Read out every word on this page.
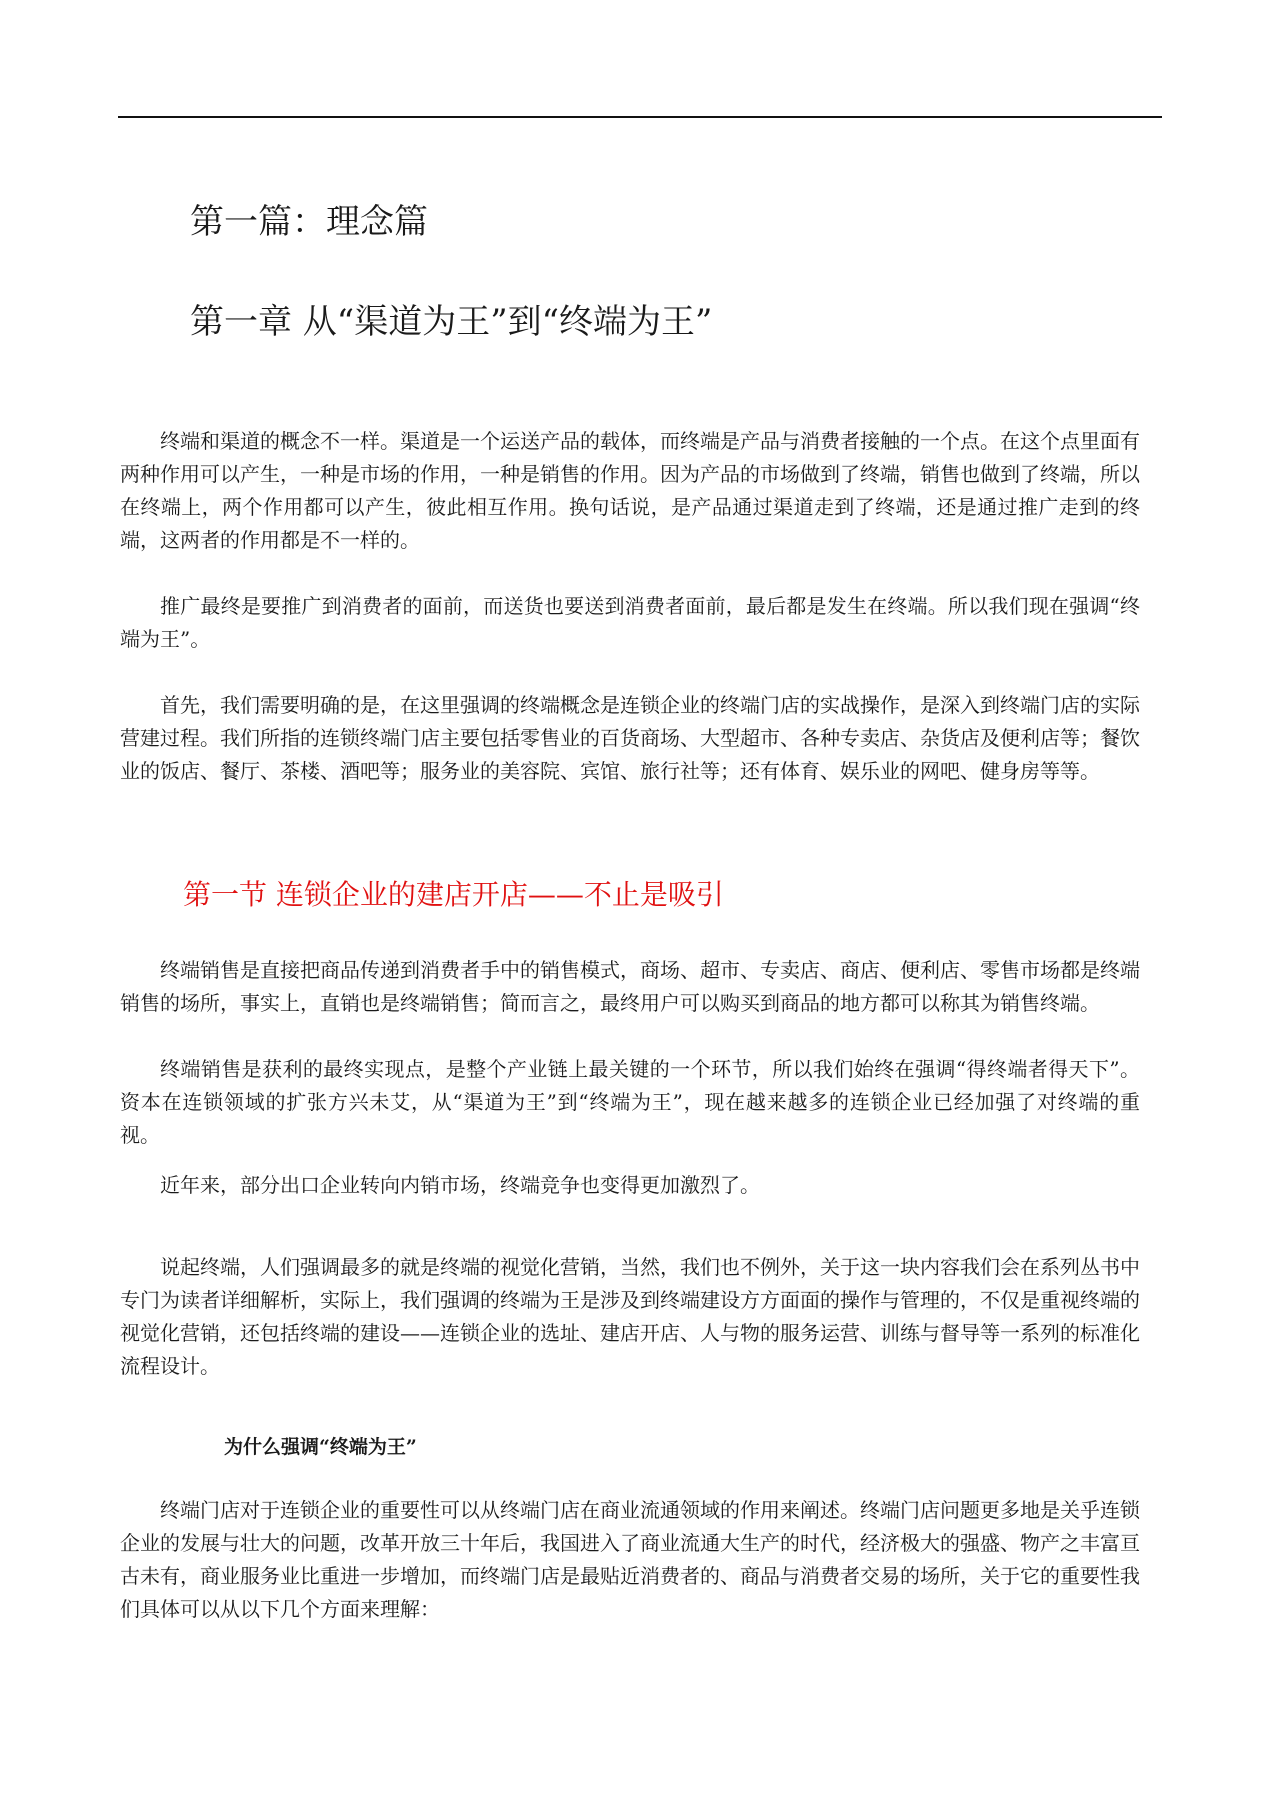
第一篇：理念篇
第一章 从“渠道为王”到“终端为王”

终端和渠道的概念不一样。渠道是一个运送产品的载体，而终端是产品与消费者接触的一个点。在这个点里面有两种作用可以产生，一种是市场的作用，一种是销售的作用。因为产品的市场做到了终端，销售也做到了终端，所以在终端上，两个作用都可以产生，彼此相互作用。换句话说，是产品通过渠道走到了终端，还是通过推广走到的终端，这两者的作用都是不一样的。

推广最终是要推广到消费者的面前，而送货也要送到消费者面前，最后都是发生在终端。所以我们现在强调“终端为王”。

首先，我们需要明确的是，在这里强调的终端概念是连锁企业的终端门店的实战操作，是深入到终端门店的实际营建过程。我们所指的连锁终端门店主要包括零售业的百货商场、大型超市、各种专卖店、杂货店及便利店等；餐饮业的饭店、餐厅、茶楼、酒吧等；服务业的美容院、宾馆、旅行社等；还有体育、娱乐业的网吧、健身房等等。

第一节 连锁企业的建店开店——不止是吸引

终端销售是直接把商品传递到消费者手中的销售模式，商场、超市、专卖店、商店、便利店、零售市场都是终端销售的场所，事实上，直销也是终端销售；简而言之，最终用户可以购买到商品的地方都可以称其为销售终端。

终端销售是获利的最终实现点，是整个产业链上最关键的一个环节，所以我们始终在强调“得终端者得天下”。资本在连锁领域的扩张方兴未艾，从“渠道为王”到“终端为王”，现在越来越多的连锁企业已经加强了对终端的重视。

近年来，部分出口企业转向内销市场，终端竞争也变得更加激烈了。

说起终端，人们强调最多的就是终端的视觉化营销，当然，我们也不例外，关于这一块内容我们会在系列丛书中专门为读者详细解析，实际上，我们强调的终端为王是涉及到终端建设方方面面的操作与管理的，不仅是重视终端的视觉化营销，还包括终端的建设——连锁企业的选址、建店开店、人与物的服务运营、训练与督导等一系列的标准化流程设计。

为什么强调“终端为王”

终端门店对于连锁企业的重要性可以从终端门店在商业流通领域的作用来阐述。终端门店问题更多地是关乎连锁企业的发展与壮大的问题，改革开放三十年后，我国进入了商业流通大生产的时代，经济极大的强盛、物产之丰富亘古未有，商业服务业比重进一步增加，而终端门店是最贴近消费者的、商品与消费者交易的场所，关于它的重要性我们具体可以从以下几个方面来理解：
